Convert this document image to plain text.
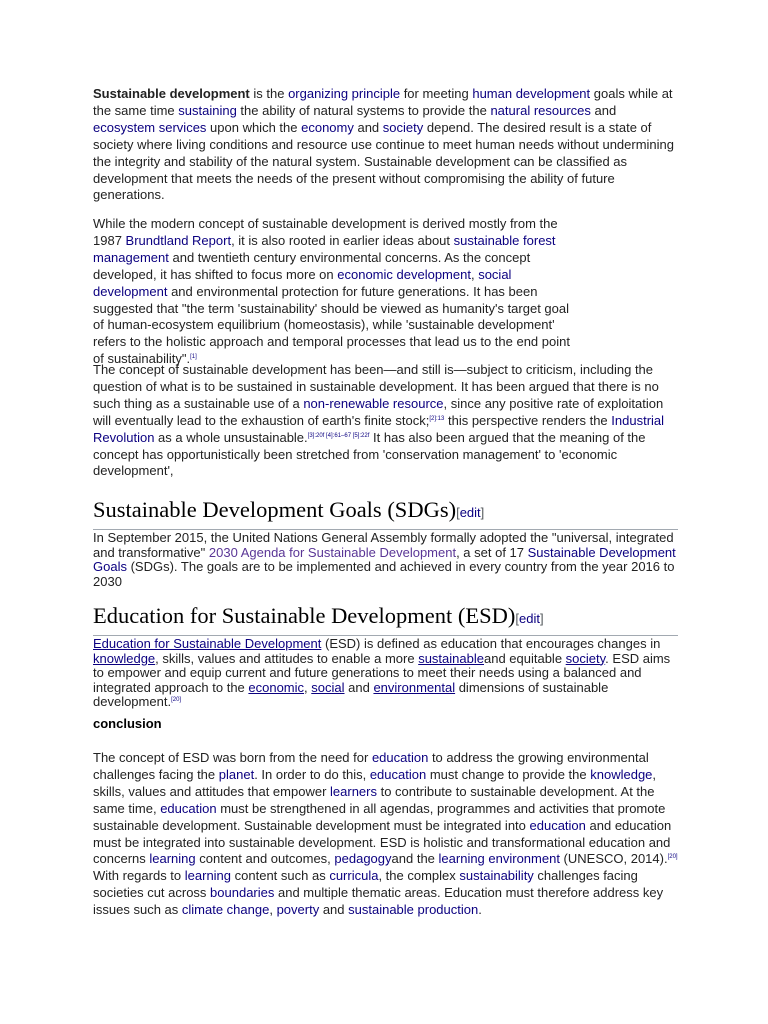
Sustainable development is the organizing principle for meeting human development goals while at the same time sustaining the ability of natural systems to provide the natural resources and ecosystem services upon which the economy and society depend. The desired result is a state of society where living conditions and resource use continue to meet human needs without undermining the integrity and stability of the natural system. Sustainable development can be classified as development that meets the needs of the present without compromising the ability of future generations.

While the modern concept of sustainable development is derived mostly from the 1987 Brundtland Report, it is also rooted in earlier ideas about sustainable forest management and twentieth century environmental concerns. As the concept developed, it has shifted to focus more on economic development, social development and environmental protection for future generations. It has been suggested that "the term 'sustainability' should be viewed as humanity's target goal of human-ecosystem equilibrium (homeostasis), while 'sustainable development' refers to the holistic approach and temporal processes that lead us to the end point of sustainability".[1]

The concept of sustainable development has been—and still is—subject to criticism, including the question of what is to be sustained in sustainable development. It has been argued that there is no such thing as a sustainable use of a non-renewable resource, since any positive rate of exploitation will eventually lead to the exhaustion of earth's finite stock;$^{[2]:13}$ this perspective renders the Industrial Revolution as a whole unsustainable.$^{[3]:20f [4]:61-67 [5]:22f}$ It has also been argued that the meaning of the concept has opportunistically been stretched from 'conservation management' to 'economic development',

Sustainable Development Goals (SDGs)[edit]

In September 2015, the United Nations General Assembly formally adopted the "universal, integrated and transformative" 2030 Agenda for Sustainable Development, a set of 17 Sustainable Development Goals (SDGs). The goals are to be implemented and achieved in every country from the year 2016 to 2030

Education for Sustainable Development (ESD)[edit]

Education for Sustainable Development (ESD) is defined as education that encourages changes in knowledge, skills, values and attitudes to enable a more sustainableand equitable society. ESD aims to empower and equip current and future generations to meet their needs using a balanced and integrated approach to the economic, social and environmental dimensions of sustainable development.[20]

conclusion

The concept of ESD was born from the need for education to address the growing environmental challenges facing the planet. In order to do this, education must change to provide the knowledge, skills, values and attitudes that empower learners to contribute to sustainable development. At the same time, education must be strengthened in all agendas, programmes and activities that promote sustainable development. Sustainable development must be integrated into education and education must be integrated into sustainable development. ESD is holistic and transformational education and concerns learning content and outcomes, pedagogyand the learning environment (UNESCO, 2014).[20] With regards to learning content such as curricula, the complex sustainability challenges facing societies cut across boundaries and multiple thematic areas. Education must therefore address key issues such as climate change, poverty and sustainable production.
